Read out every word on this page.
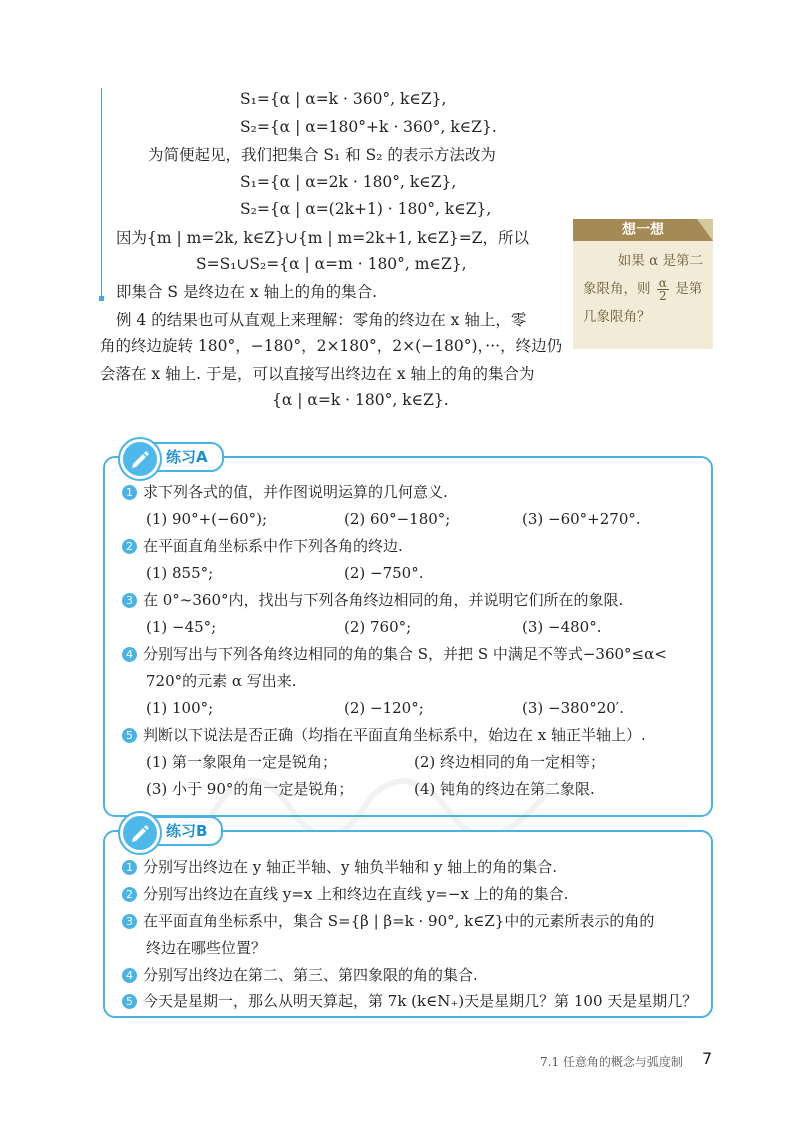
S₁={α | α=k · 360°, k∈Z},
S₂={α | α=180°+k · 360°, k∈Z}.
为简便起见，我们把集合 S₁ 和 S₂ 的表示方法改为
S₁={α | α=2k · 180°, k∈Z},
S₂={α | α=(2k+1) · 180°, k∈Z},
因为{m | m=2k, k∈Z}∪{m | m=2k+1, k∈Z}=Z，所以
S=S₁∪S₂={α | α=m · 180°, m∈Z},
即集合 S 是终边在 x 轴上的角的集合.
例 4 的结果也可从直观上来理解：零角的终边在 x 轴上，零
角的终边旋转 180°，−180°，2×180°，2×(−180°)，···，终边仍
会落在 x 轴上. 于是，可以直接写出终边在 x 轴上的角的集合为
{α | α=k · 180°, k∈Z}.
想一想
如果 α 是第二
象限角，则 $\frac{\alpha}{2}$ 是第
几象限角？
练习A
1 求下列各式的值，并作图说明运算的几何意义.
(1) 90°+(−60°);	(2) 60°−180°;	(3) −60°+270°.
2 在平面直角坐标系中作下列各角的终边.
(1) 855°;	(2) −750°.
3 在 0°~360°内，找出与下列各角终边相同的角，并说明它们所在的象限.
(1) −45°;	(2) 760°;	(3) −480°.
4 分别写出与下列各角终边相同的角的集合 S，并把 S 中满足不等式−360°≤α<
720°的元素 α 写出来.
(1) 100°;	(2) −120°;	(3) −380°20′.
5 判断以下说法是否正确（均指在平面直角坐标系中，始边在 x 轴正半轴上）.
(1) 第一象限角一定是锐角；	(2) 终边相同的角一定相等；
(3) 小于 90°的角一定是锐角；	(4) 钝角的终边在第二象限.
练习B
1 分别写出终边在 y 轴正半轴、y 轴负半轴和 y 轴上的角的集合.
2 分别写出终边在直线 y=x 上和终边在直线 y=−x 上的角的集合.
3 在平面直角坐标系中，集合 S={β | β=k · 90°, k∈Z}中的元素所表示的角的
终边在哪些位置？
4 分别写出终边在第二、第三、第四象限的角的集合.
5 今天是星期一，那么从明天算起，第 7k (k∈N₊)天是星期几？第 100 天是星期几？
7.1 任意角的概念与弧度制 7
